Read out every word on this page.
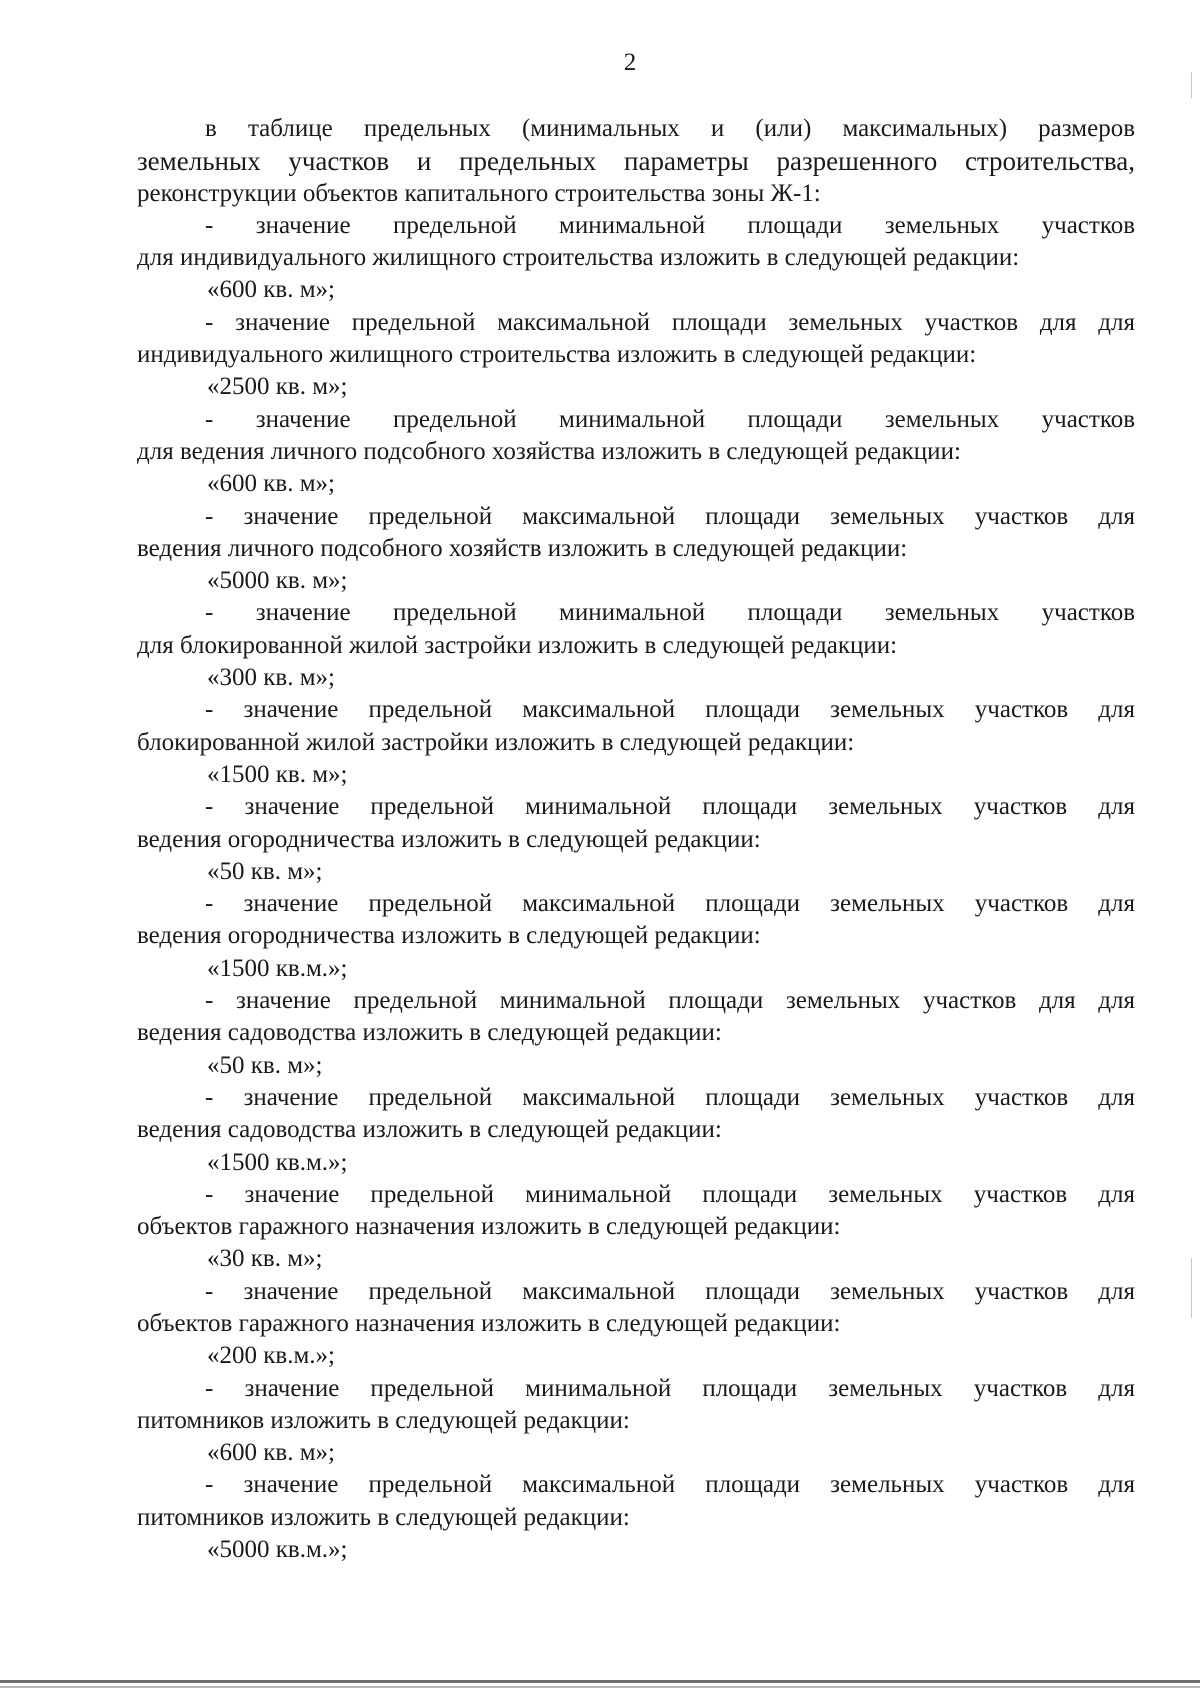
2
в таблице предельных (минимальных и (или) максимальных) размеров
земельных участков и предельных параметры разрешенного строительства,
реконструкции объектов капитального строительства зоны Ж-1:
- значение предельной минимальной площади земельных участков
для индивидуального жилищного строительства изложить в следующей редакции:
«600 кв. м»;
- значение предельной максимальной площади земельных участков для для
индивидуального жилищного строительства изложить в следующей редакции:
«2500 кв. м»;
- значение предельной минимальной площади земельных участков
для ведения личного подсобного хозяйства изложить в следующей редакции:
«600 кв. м»;
- значение предельной максимальной площади земельных участков для
ведения личного подсобного хозяйств изложить в следующей редакции:
«5000 кв. м»;
- значение предельной минимальной площади земельных участков
для блокированной жилой застройки изложить в следующей редакции:
«300 кв. м»;
- значение предельной максимальной площади земельных участков для
блокированной жилой застройки изложить в следующей редакции:
«1500 кв. м»;
- значение предельной минимальной площади земельных участков для
ведения огородничества изложить в следующей редакции:
«50 кв. м»;
- значение предельной максимальной площади земельных участков для
ведения огородничества изложить в следующей редакции:
«1500 кв.м.»;
- значение предельной минимальной площади земельных участков для для
ведения садоводства изложить в следующей редакции:
«50 кв. м»;
- значение предельной максимальной площади земельных участков для
ведения садоводства изложить в следующей редакции:
«1500 кв.м.»;
- значение предельной минимальной площади земельных участков для
объектов гаражного назначения изложить в следующей редакции:
«30 кв. м»;
- значение предельной максимальной площади земельных участков для
объектов гаражного назначения изложить в следующей редакции:
«200 кв.м.»;
- значение предельной минимальной площади земельных участков для
питомников изложить в следующей редакции:
«600 кв. м»;
- значение предельной максимальной площади земельных участков для
питомников изложить в следующей редакции:
«5000 кв.м.»;
